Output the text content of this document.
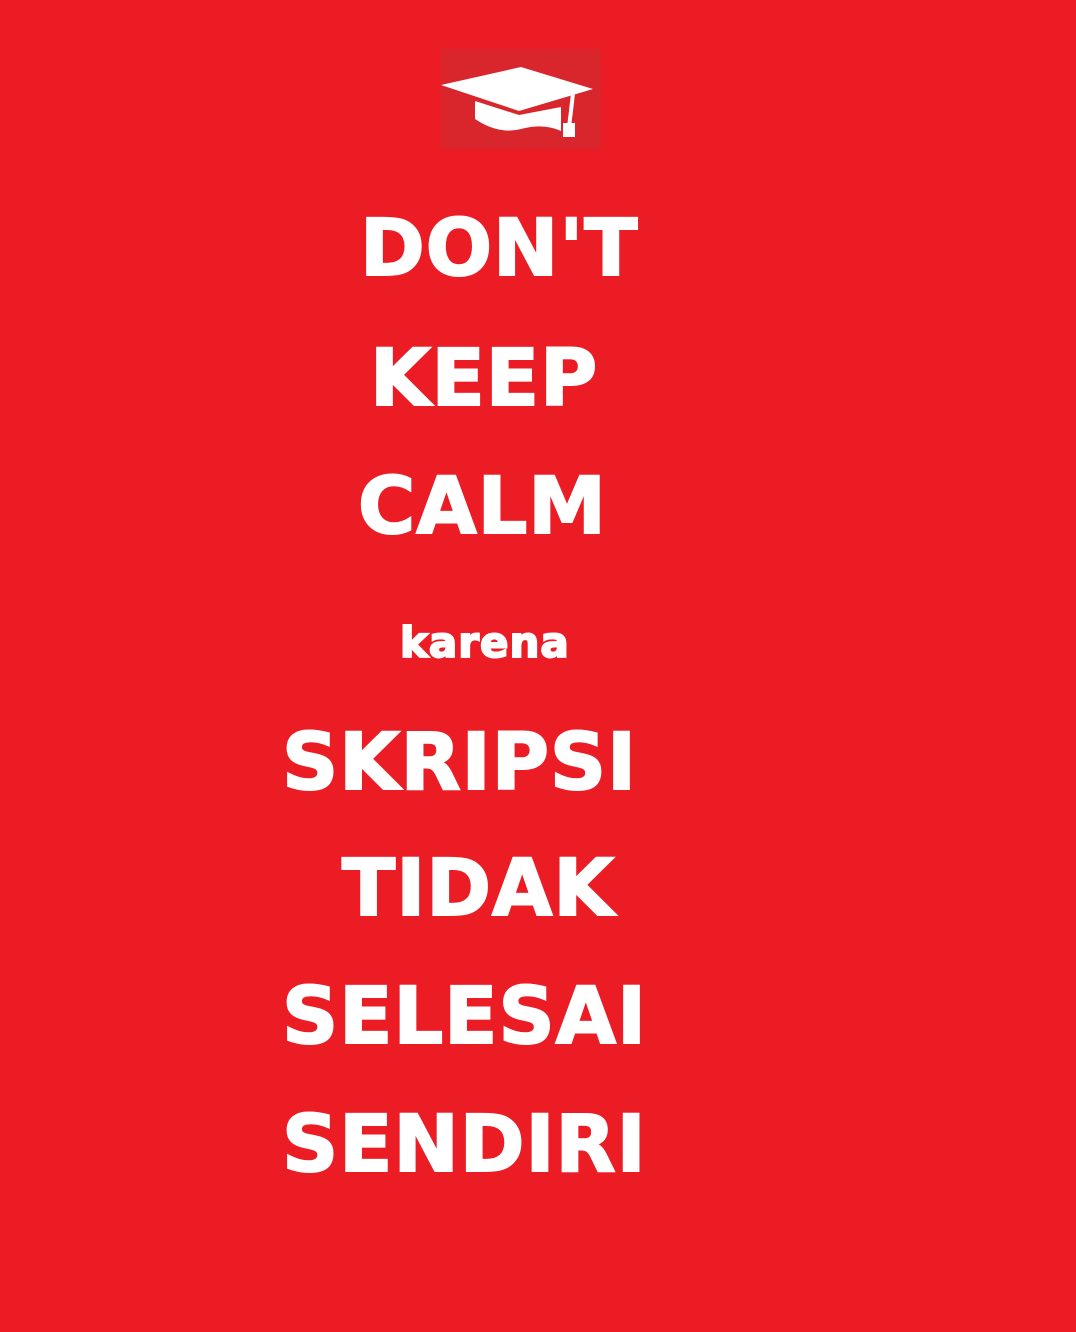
DON'T
KEEP
CALM
karena
SKRIPSI
TIDAK
SELESAI
SENDIRI
